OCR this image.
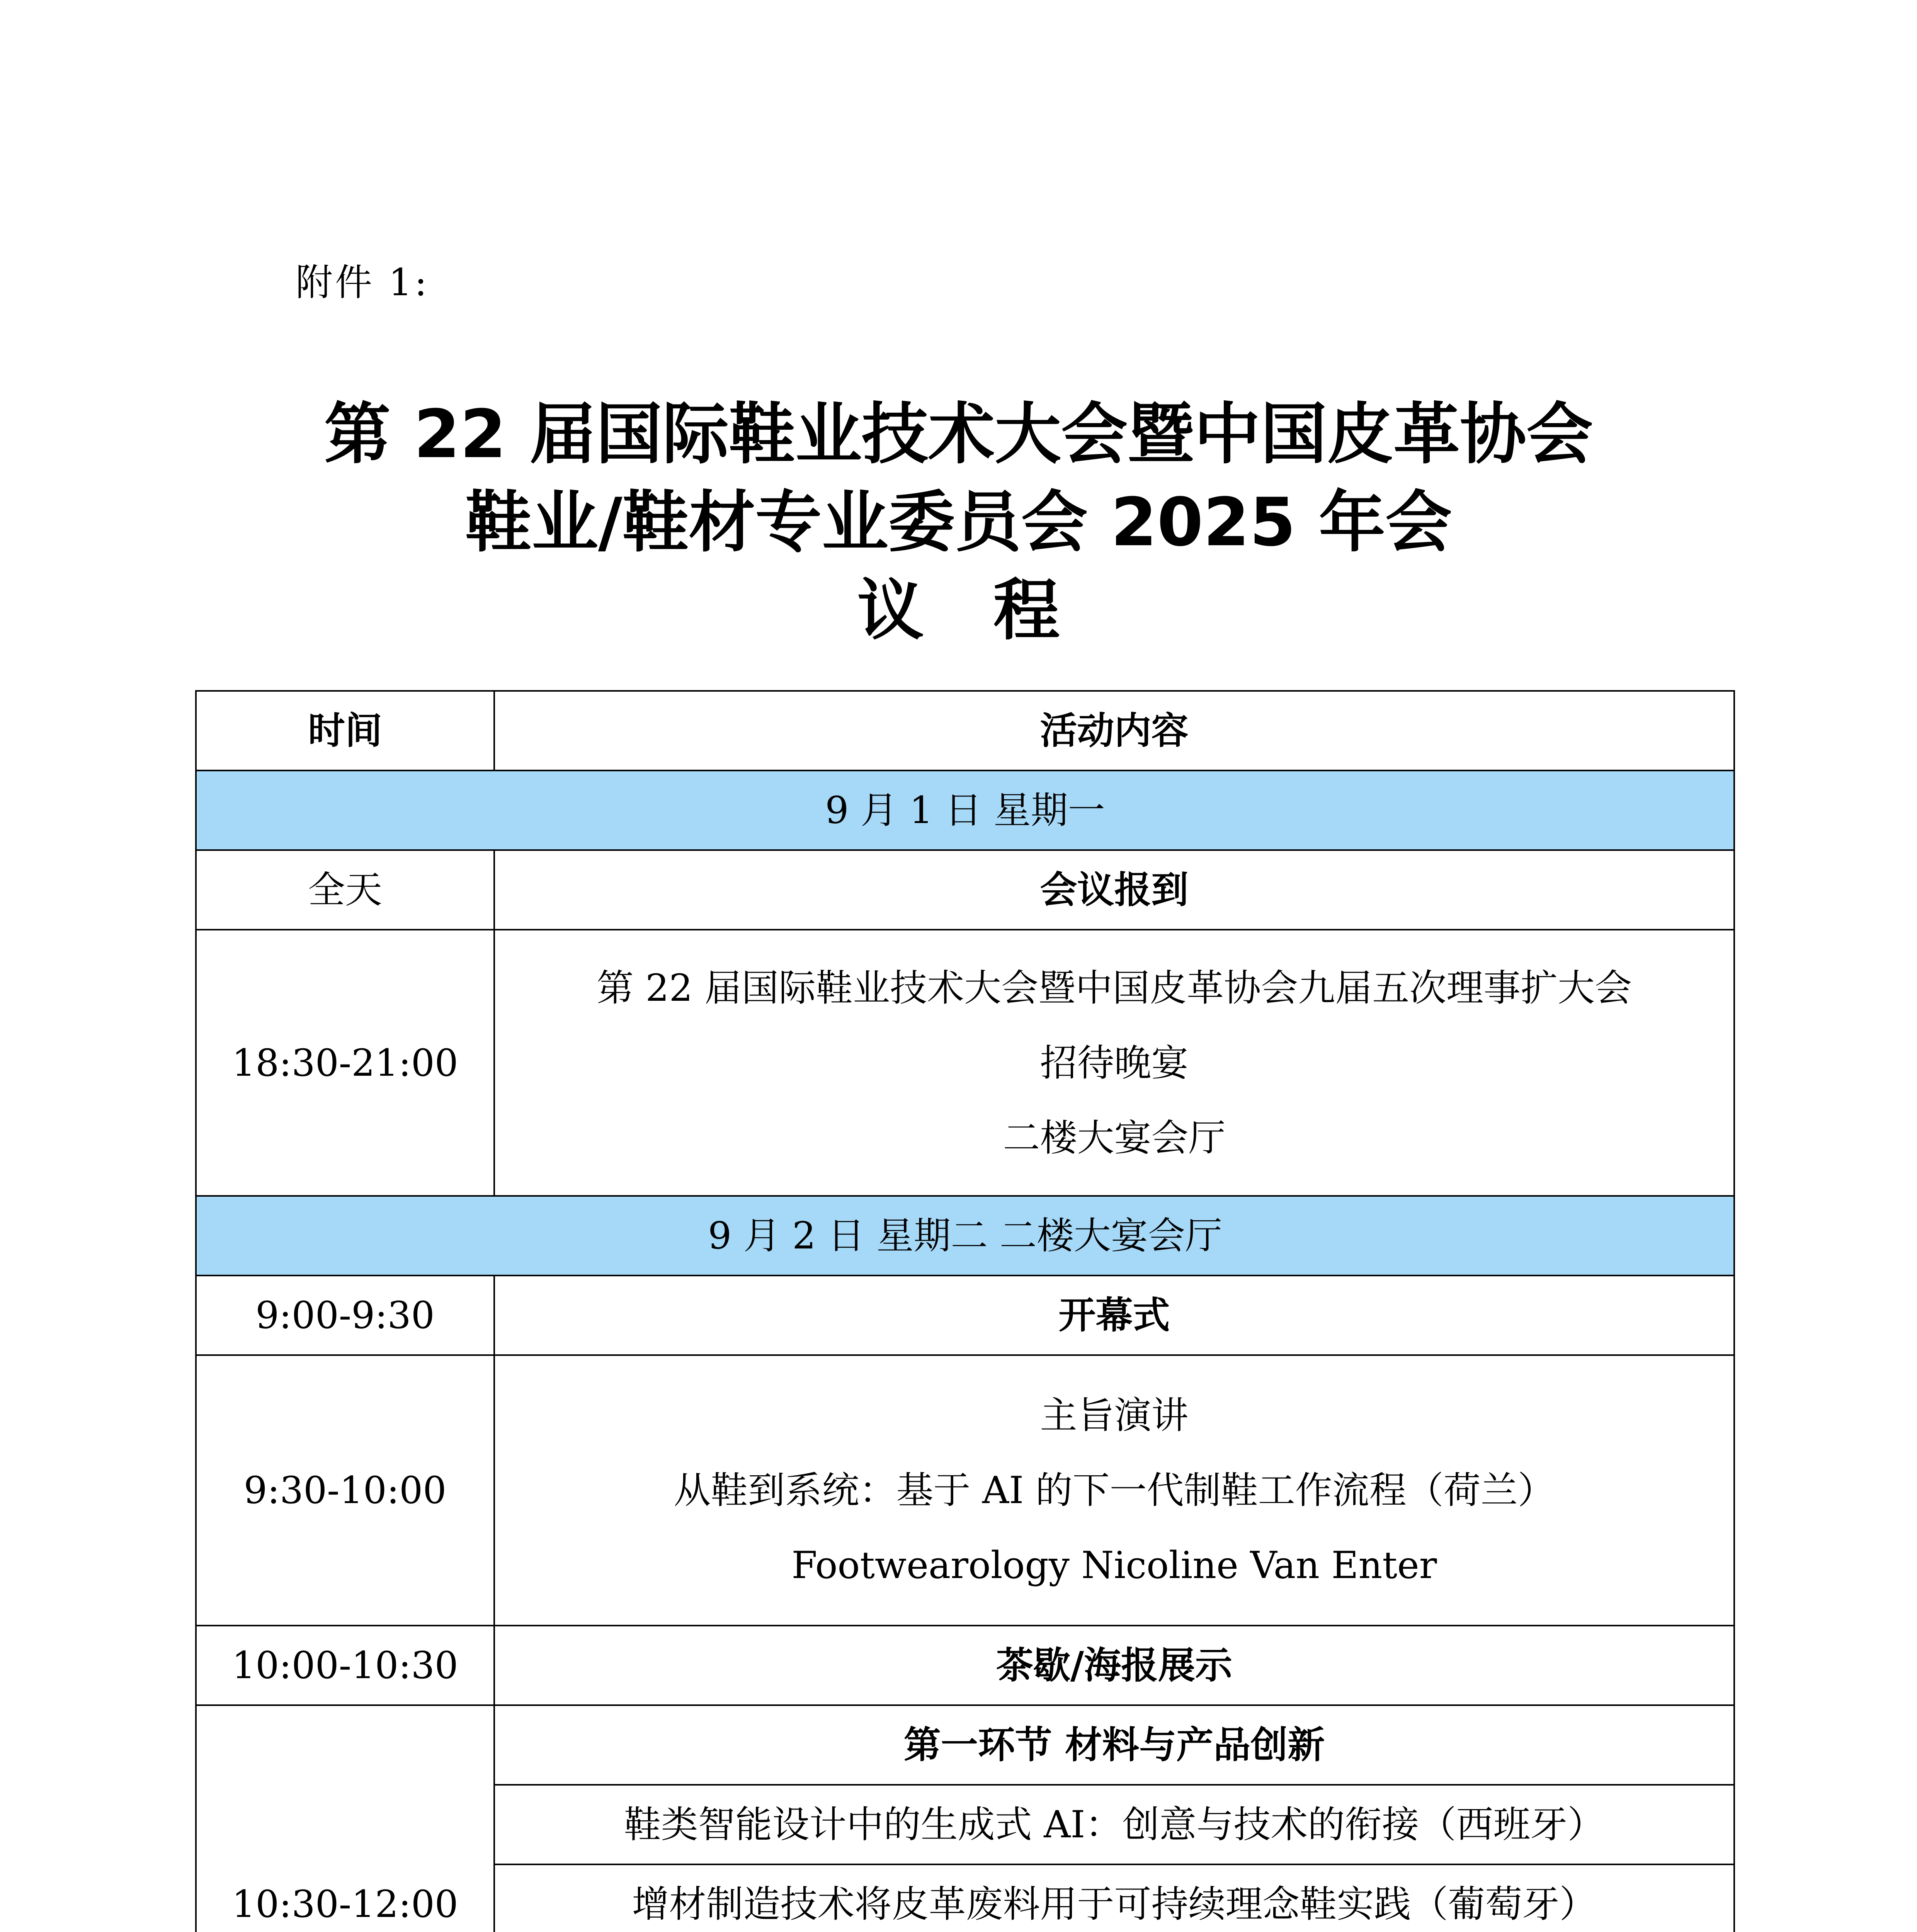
附件 1:

第 22 届国际鞋业技术大会暨中国皮革协会
鞋业/鞋材专业委员会 2025 年会
议程
时间	活动内容
9 月 1 日 星期一	
全天	会议报到
18:30-21:00	第 22 届国际鞋业技术大会暨中国皮革协会九届五次理事扩大会
招待晚宴
二楼大宴会厅

9 月 2 日 星期二 二楼大宴会厅	
9:00-9:30	开幕式
9:30-10:00	主旨演讲
从鞋到系统：基于 AI 的下一代制鞋工作流程（荷兰）
Footwearology Nicoline Van Enter

10:00-10:30	茶歇/海报展示
10:30-12:00	第一环节 材料与产品创新
	鞋类智能设计中的生成式 AI：创意与技术的衔接（西班牙）
	增材制造技术将皮革废料用于可持续理念鞋实践（葡萄牙）
